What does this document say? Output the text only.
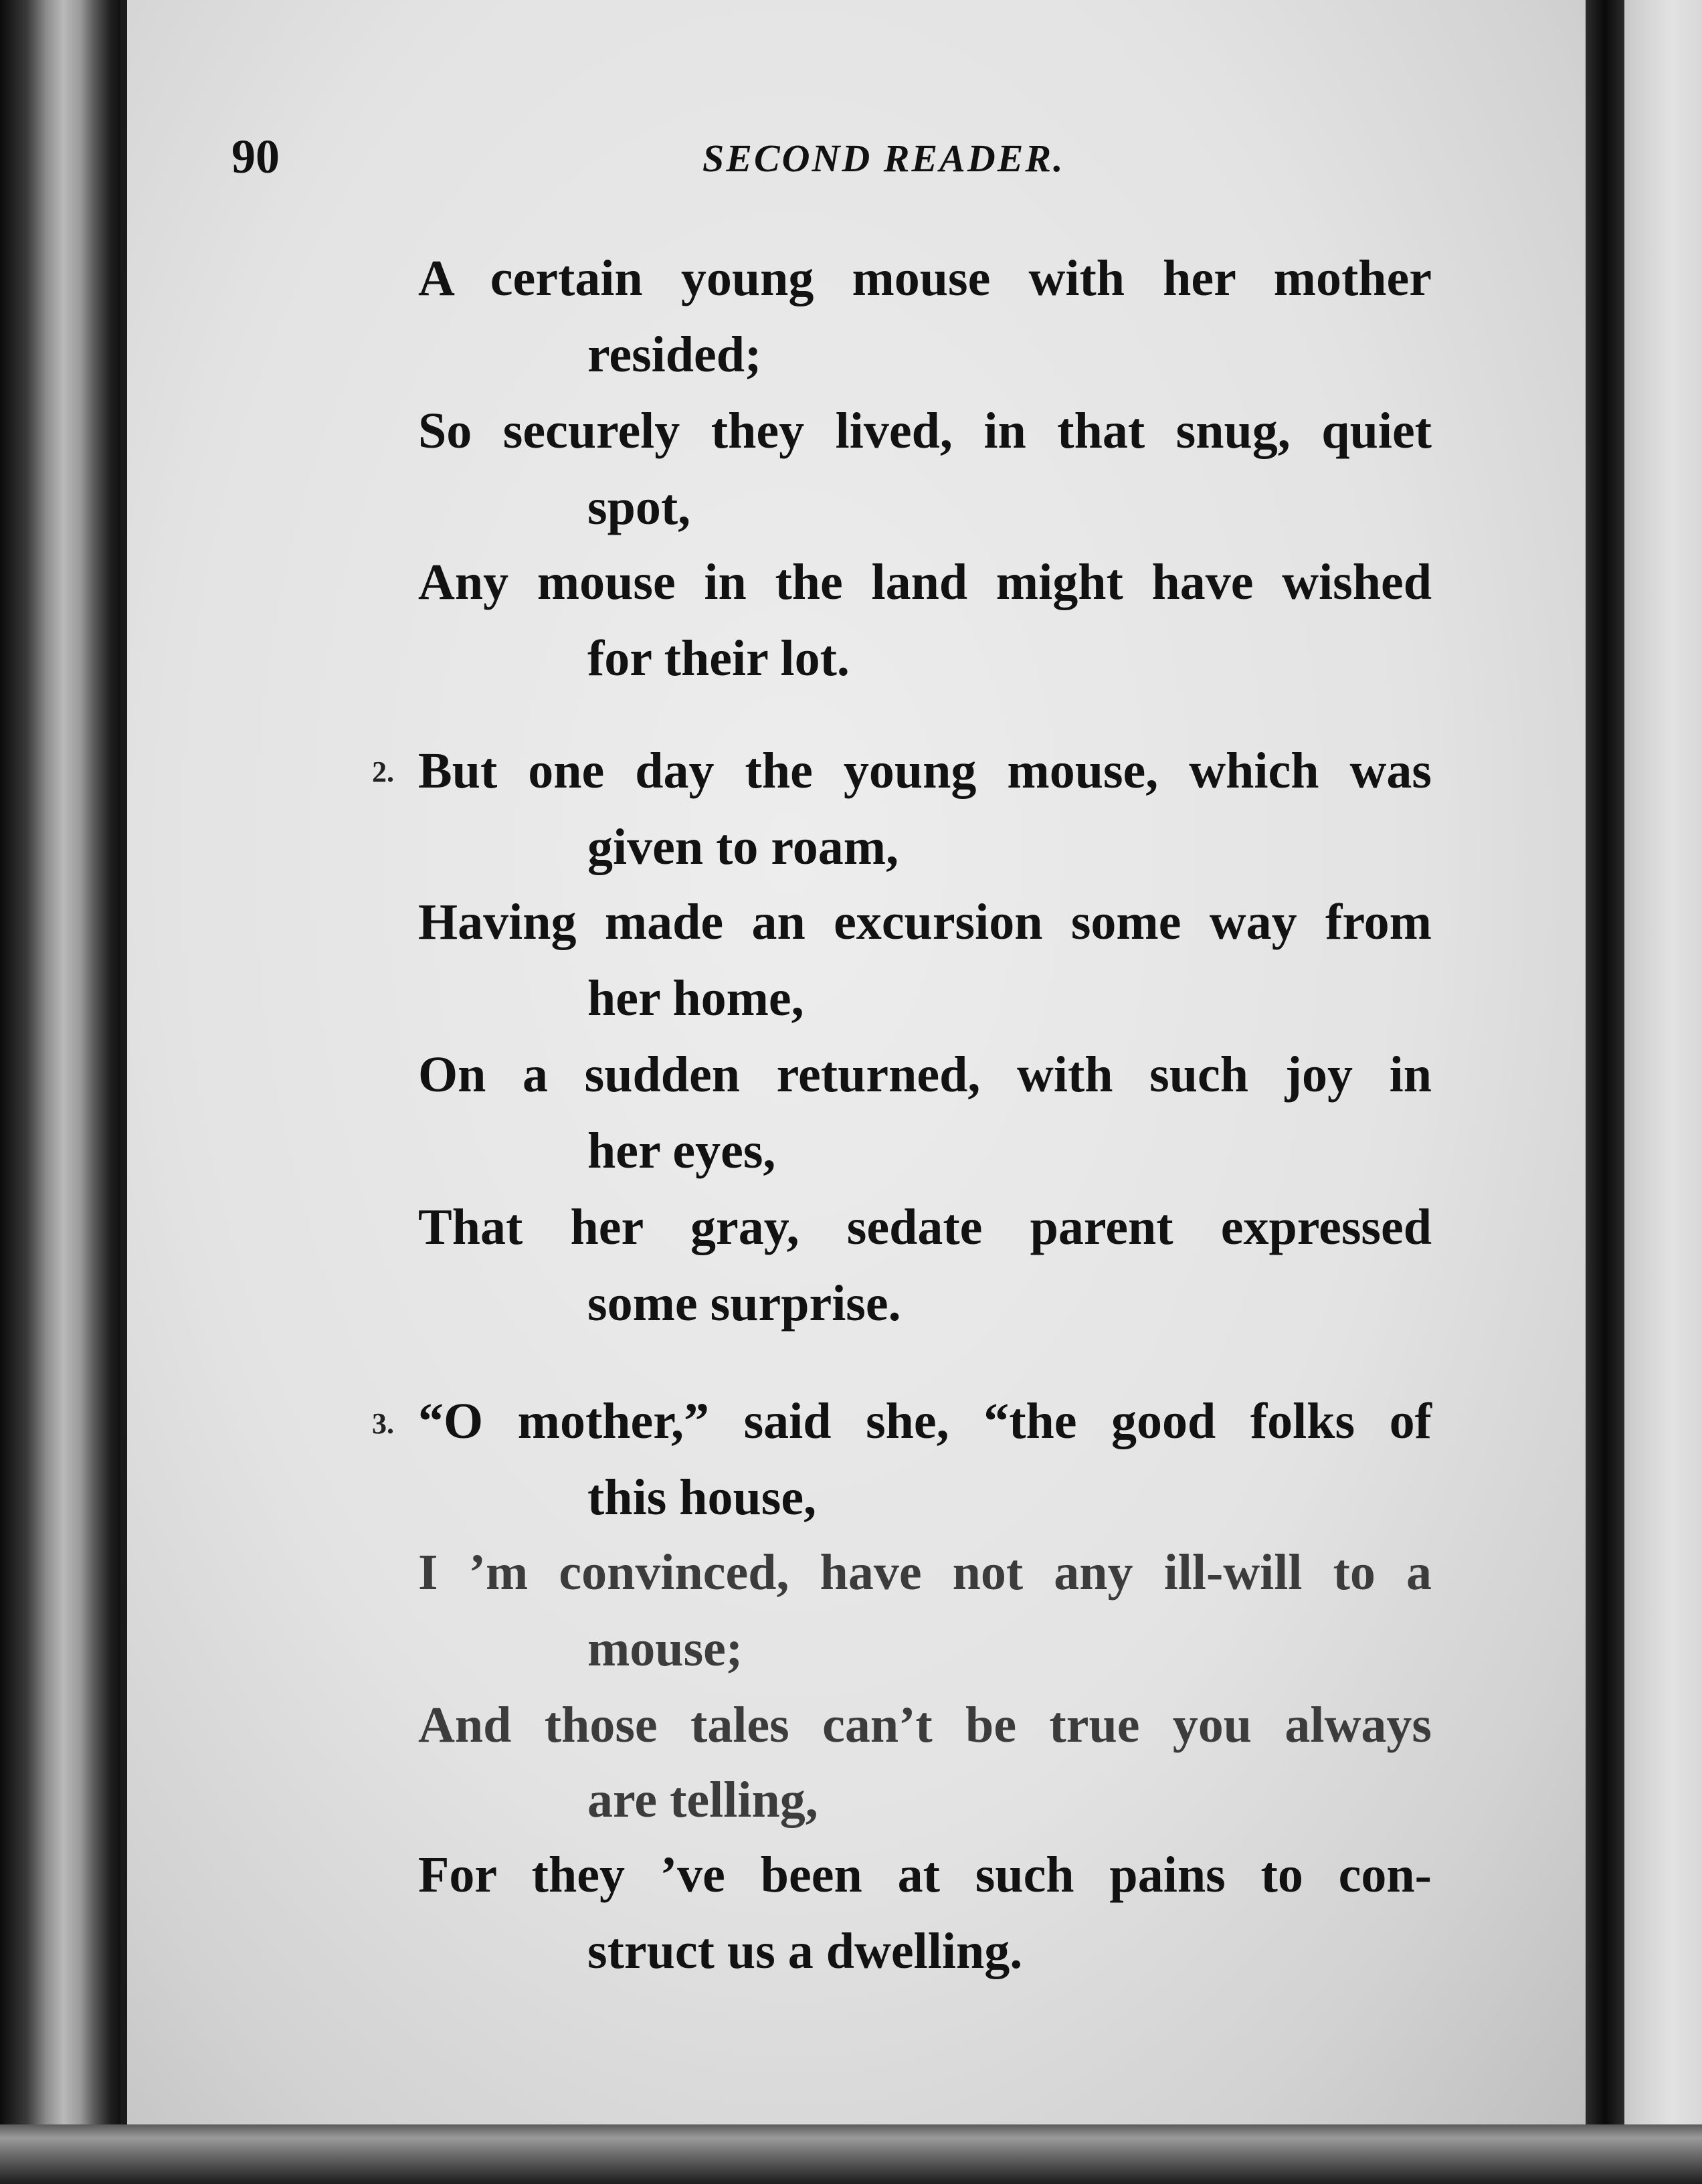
90	SECOND READER.

A certain young mouse with her mother

resided;

So securely they lived, in that snug, quiet

spot,

Any mouse in the land might have wished

for their lot.

2. But one day the young mouse, which was

given to roam,

Having made an excursion some way from

her home,

On a sudden returned, with such joy in

her eyes,

That her gray, sedate parent expressed

some surprise.

3. “O mother,” said she, “the good folks of

this house,

I ’m convinced, have not any ill-will to a

mouse;

And those tales can’t be true you always

are telling,

For they ’ve been at such pains to con-

struct us a dwelling.
